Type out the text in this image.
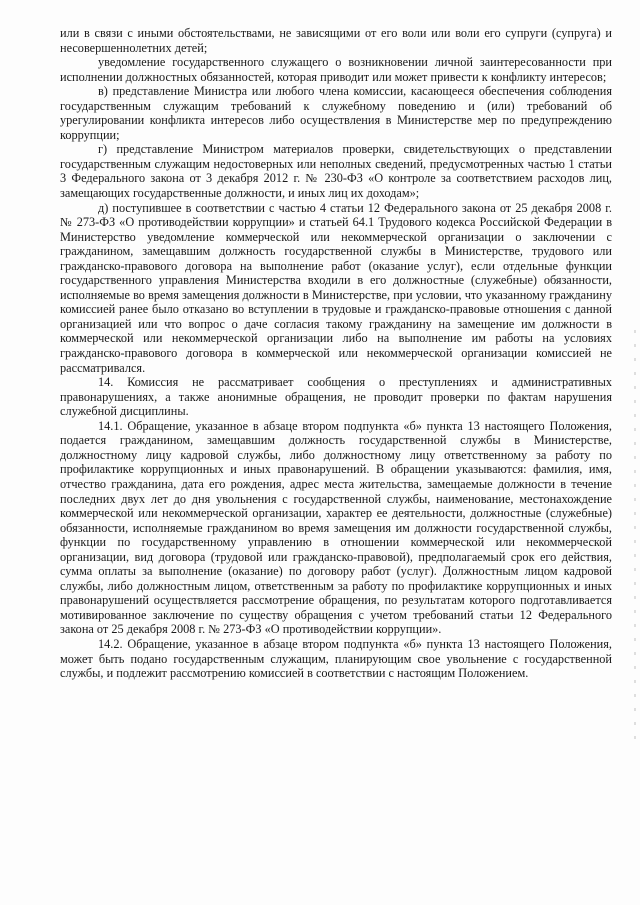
или в связи с иными обстоятельствами, не зависящими от его воли или воли его супруги (супруга) и несовершеннолетних детей;

уведомление государственного служащего о возникновении личной заинтересованности при исполнении должностных обязанностей, которая приводит или может привести к конфликту интересов;

в) представление Министра или любого члена комиссии, касающееся обеспечения соблюдения государственным служащим требований к служебному поведению и (или) требований об урегулировании конфликта интересов либо осуществления в Министерстве мер по предупреждению коррупции;

г) представление Министром материалов проверки, свидетельствующих о представлении государственным служащим недостоверных или неполных сведений, предусмотренных частью 1 статьи 3 Федерального закона от 3 декабря 2012 г. № 230-ФЗ «О контроле за соответствием расходов лиц, замещающих государственные должности, и иных лиц их доходам»;

д) поступившее в соответствии с частью 4 статьи 12 Федерального закона от 25 декабря 2008 г. № 273-ФЗ «О противодействии коррупции» и статьей 64.1 Трудового кодекса Российской Федерации в Министерство уведомление коммерческой или некоммерческой организации о заключении с гражданином, замещавшим должность государственной службы в Министерстве, трудового или гражданско-правового договора на выполнение работ (оказание услуг), если отдельные функции государственного управления Министерства входили в его должностные (служебные) обязанности, исполняемые во время замещения должности в Министерстве, при условии, что указанному гражданину комиссией ранее было отказано во вступлении в трудовые и гражданско-правовые отношения с данной организацией или что вопрос о даче согласия такому гражданину на замещение им должности в коммерческой или некоммерческой организации либо на выполнение им работы на условиях гражданско-правового договора в коммерческой или некоммерческой организации комиссией не рассматривался.

14. Комиссия не рассматривает сообщения о преступлениях и административных правонарушениях, а также анонимные обращения, не проводит проверки по фактам нарушения служебной дисциплины.

14.1. Обращение, указанное в абзаце втором подпункта «б» пункта 13 настоящего Положения, подается гражданином, замещавшим должность государственной службы в Министерстве, должностному лицу кадровой службы, либо должностному лицу ответственному за работу по профилактике коррупционных и иных правонарушений. В обращении указываются: фамилия, имя, отчество гражданина, дата его рождения, адрес места жительства, замещаемые должности в течение последних двух лет до дня увольнения с государственной службы, наименование, местонахождение коммерческой или некоммерческой организации, характер ее деятельности, должностные (служебные) обязанности, исполняемые гражданином во время замещения им должности государственной службы, функции по государственному управлению в отношении коммерческой или некоммерческой организации, вид договора (трудовой или гражданско-правовой), предполагаемый срок его действия, сумма оплаты за выполнение (оказание) по договору работ (услуг). Должностным лицом кадровой службы, либо должностным лицом, ответственным за работу по профилактике коррупционных и иных правонарушений осуществляется рассмотрение обращения, по результатам которого подготавливается мотивированное заключение по существу обращения с учетом требований статьи 12 Федерального закона от 25 декабря 2008 г. № 273-ФЗ «О противодействии коррупции».

14.2. Обращение, указанное в абзаце втором подпункта «б» пункта 13 настоящего Положения, может быть подано государственным служащим, планирующим свое увольнение с государственной службы, и подлежит рассмотрению комиссией в соответствии с настоящим Положением.
